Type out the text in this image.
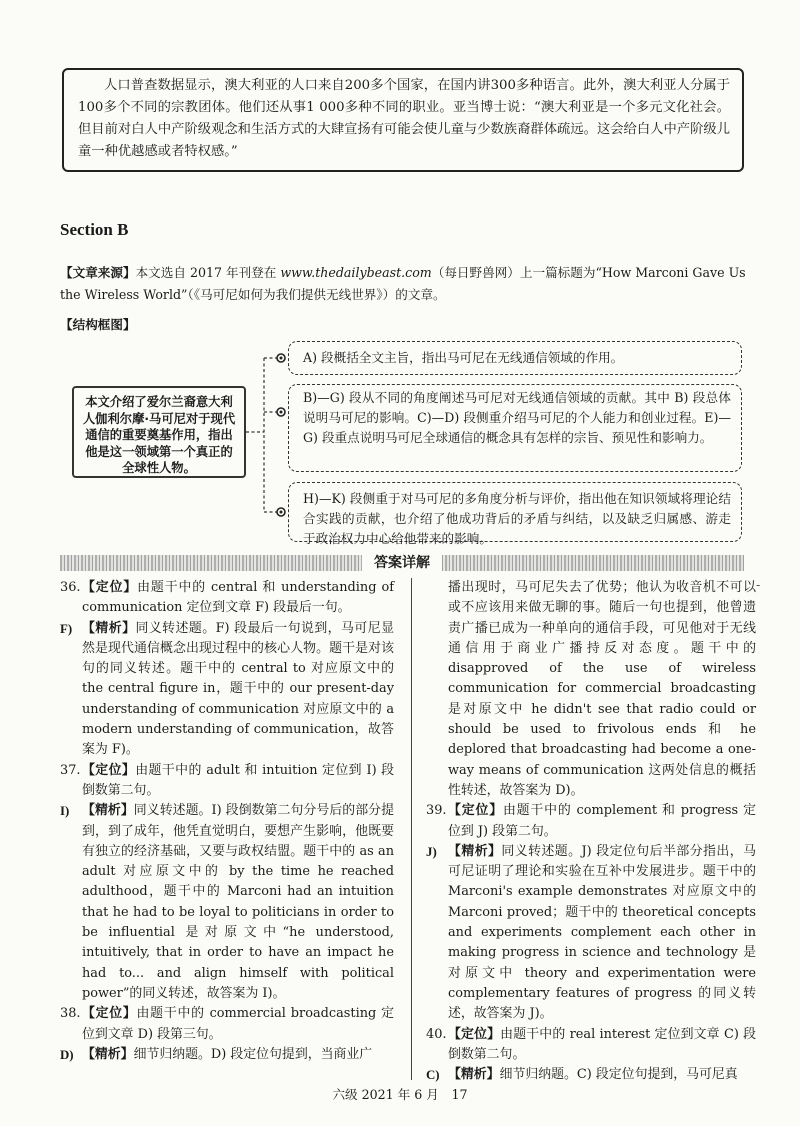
人口普查数据显示，澳大利亚的人口来自200多个国家，在国内讲300多种语言。此外，澳大利亚人分属于100多个不同的宗教团体。他们还从事1 000多种不同的职业。亚当博士说：“澳大利亚是一个多元文化社会。但目前对白人中产阶级观念和生活方式的大肆宣扬有可能会使儿童与少数族裔群体疏远。这会给白人中产阶级儿童一种优越感或者特权感。”

Section B
【文章来源】本文选自 2017 年刊登在 www.thedailybeast.com（每日野兽网）上一篇标题为“How Marconi Gave Us the Wireless World”（《马可尼如何为我们提供无线世界》）的文章。
【结构框图】
本文介绍了爱尔兰裔意大利人伽利尔摩·马可尼对于现代通信的重要奠基作用，指出他是这一领域第一个真正的全球性人物。
A) 段概括全文主旨，指出马可尼在无线通信领域的作用。
B)—G) 段从不同的角度阐述马可尼对无线通信领域的贡献。其中 B) 段总体说明马可尼的影响。C)—D) 段侧重介绍马可尼的个人能力和创业过程。E)—G) 段重点说明马可尼全球通信的概念具有怎样的宗旨、预见性和影响力。
H)—K) 段侧重于对马可尼的多角度分析与评价，指出他在知识领域将理论结合实践的贡献，也介绍了他成功背后的矛盾与纠结，以及缺乏归属感、游走于政治权力中心给他带来的影响。
答案详解
36. 【定位】由题干中的 central 和 understanding of communication 定位到文章 F) 段最后一句。
F) 【精析】同义转述题。F) 段最后一句说到，马可尼显然是现代通信概念出现过程中的核心人物。题干是对该句的同义转述。题干中的 central to 对应原文中的 the central figure in，题干中的 our present-day understanding of communication 对应原文中的 a modern understanding of communication，故答案为 F)。
37. 【定位】由题干中的 adult 和 intuition 定位到 I) 段倒数第二句。
I) 【精析】同义转述题。I) 段倒数第二句分号后的部分提到，到了成年，他凭直觉明白，要想产生影响，他既要有独立的经济基础，又要与政权结盟。题干中的 as an adult 对应原文中的 by the time he reached adulthood，题干中的 Marconi had an intuition that he had to be loyal to politicians in order to be influential 是对原文中“he understood, intuitively, that in order to have an impact he had to... and align himself with political power”的同义转述，故答案为 I)。
38. 【定位】由题干中的 commercial broadcasting 定位到文章 D) 段第三句。
D) 【精析】细节归纳题。D) 段定位句提到，当商业广

播出现时，马可尼失去了优势；他认为收音机不可以或不应该用来做无聊的事。随后一句也提到，他曾遗责广播已成为一种单向的通信手段，可见他对于无线通信用于商业广播持反对态度。题干中的 disapproved of the use of wireless communication for commercial broadcasting 是对原文中 he didn't see that radio could or should be used to frivolous ends 和 he deplored that broadcasting had become a one-way means of communication 这两处信息的概括性转述，故答案为 D)。

39. 【定位】由题干中的 complement 和 progress 定位到 J) 段第二句。
J) 【精析】同义转述题。J) 段定位句后半部分指出，马可尼证明了理论和实验在互补中发展进步。题干中的 Marconi's example demonstrates 对应原文中的 Marconi proved；题干中的 theoretical concepts and experiments complement each other in making progress in science and technology 是对原文中 theory and experimentation were complementary features of progress 的同义转述，故答案为 J)。
40. 【定位】由题干中的 real interest 定位到文章 C) 段倒数第二句。
C) 【精析】细节归纳题。C) 段定位句提到，马可尼真
-
六级 2021 年 6 月　17
